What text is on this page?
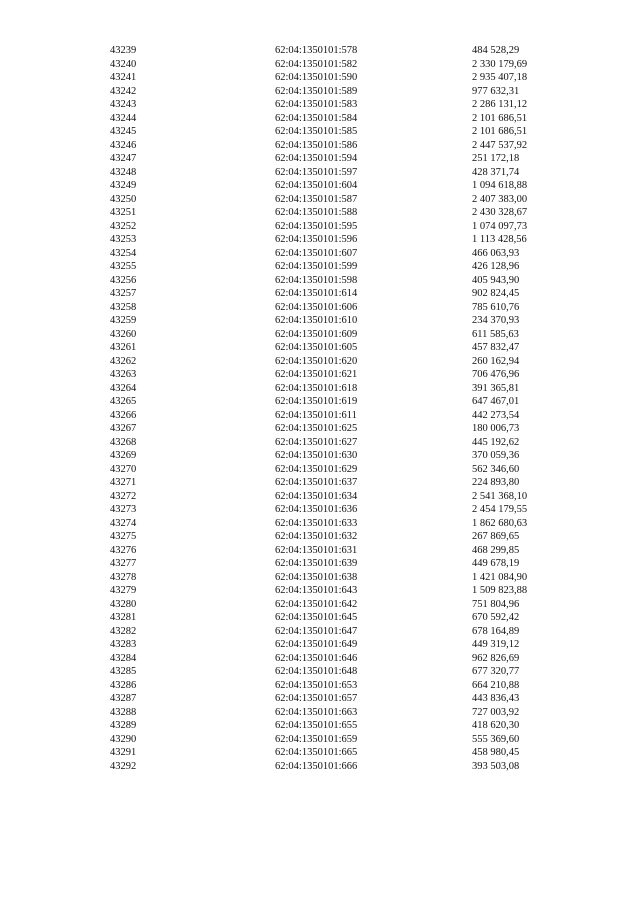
43239	62:04:1350101:578	484 528,29
43240	62:04:1350101:582	2 330 179,69
43241	62:04:1350101:590	2 935 407,18
43242	62:04:1350101:589	977 632,31
43243	62:04:1350101:583	2 286 131,12
43244	62:04:1350101:584	2 101 686,51
43245	62:04:1350101:585	2 101 686,51
43246	62:04:1350101:586	2 447 537,92
43247	62:04:1350101:594	251 172,18
43248	62:04:1350101:597	428 371,74
43249	62:04:1350101:604	1 094 618,88
43250	62:04:1350101:587	2 407 383,00
43251	62:04:1350101:588	2 430 328,67
43252	62:04:1350101:595	1 074 097,73
43253	62:04:1350101:596	1 113 428,56
43254	62:04:1350101:607	466 063,93
43255	62:04:1350101:599	426 128,96
43256	62:04:1350101:598	405 943,90
43257	62:04:1350101:614	902 824,45
43258	62:04:1350101:606	785 610,76
43259	62:04:1350101:610	234 370,93
43260	62:04:1350101:609	611 585,63
43261	62:04:1350101:605	457 832,47
43262	62:04:1350101:620	260 162,94
43263	62:04:1350101:621	706 476,96
43264	62:04:1350101:618	391 365,81
43265	62:04:1350101:619	647 467,01
43266	62:04:1350101:611	442 273,54
43267	62:04:1350101:625	180 006,73
43268	62:04:1350101:627	445 192,62
43269	62:04:1350101:630	370 059,36
43270	62:04:1350101:629	562 346,60
43271	62:04:1350101:637	224 893,80
43272	62:04:1350101:634	2 541 368,10
43273	62:04:1350101:636	2 454 179,55
43274	62:04:1350101:633	1 862 680,63
43275	62:04:1350101:632	267 869,65
43276	62:04:1350101:631	468 299,85
43277	62:04:1350101:639	449 678,19
43278	62:04:1350101:638	1 421 084,90
43279	62:04:1350101:643	1 509 823,88
43280	62:04:1350101:642	751 804,96
43281	62:04:1350101:645	670 592,42
43282	62:04:1350101:647	678 164,89
43283	62:04:1350101:649	449 319,12
43284	62:04:1350101:646	962 826,69
43285	62:04:1350101:648	677 320,77
43286	62:04:1350101:653	664 210,88
43287	62:04:1350101:657	443 836,43
43288	62:04:1350101:663	727 003,92
43289	62:04:1350101:655	418 620,30
43290	62:04:1350101:659	555 369,60
43291	62:04:1350101:665	458 980,45
43292	62:04:1350101:666	393 503,08
